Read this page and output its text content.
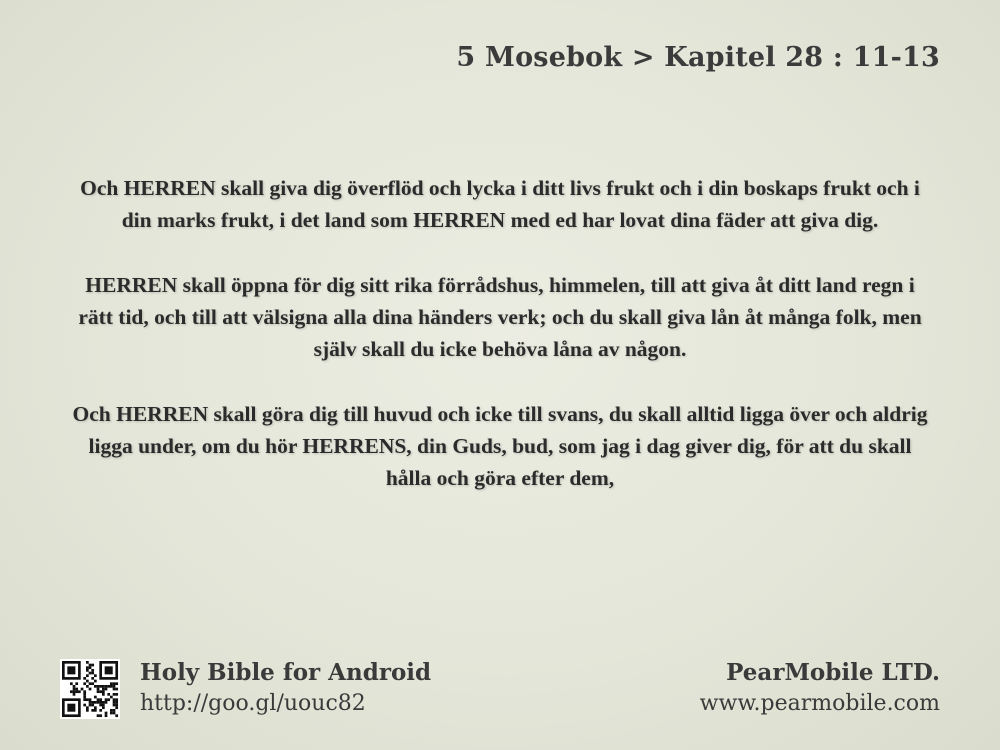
5 Mosebok > Kapitel 28 : 11-13

Och HERREN skall giva dig överflöd och lycka i ditt livs frukt och i din boskaps frukt och i din marks frukt, i det land som HERREN med ed har lovat dina fäder att giva dig.

HERREN skall öppna för dig sitt rika förrådshus, himmelen, till att giva åt ditt land regn i rätt tid, och till att välsigna alla dina händers verk; och du skall giva lån åt många folk, men själv skall du icke behöva låna av någon.

Och HERREN skall göra dig till huvud och icke till svans, du skall alltid ligga över och aldrig ligga under, om du hör HERRENS, din Guds, bud, som jag i dag giver dig, för att du skall hålla och göra efter dem,

Holy Bible for Android
http://goo.gl/uouc82
PearMobile LTD.
www.pearmobile.com
